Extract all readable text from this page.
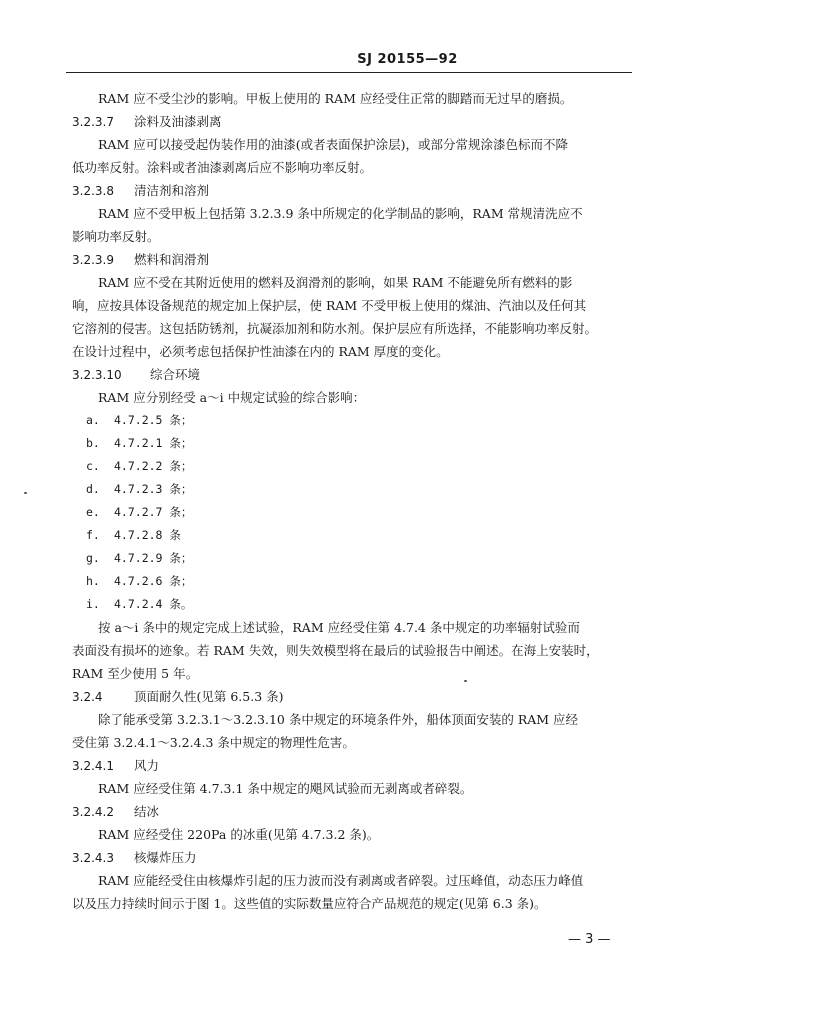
SJ 20155—92
RAM 应不受尘沙的影响。甲板上使用的 RAM 应经受住正常的脚踏而无过早的磨损。
3.2.3.7 涂料及油漆剥离
RAM 应可以接受起伪装作用的油漆(或者表面保护涂层)，或部分常规涂漆色标而不降
低功率反射。涂料或者油漆剥离后应不影响功率反射。
3.2.3.8 清洁剂和溶剂
RAM 应不受甲板上包括第 3.2.3.9 条中所规定的化学制品的影响，RAM 常规清洗应不
影响功率反射。
3.2.3.9 燃料和润滑剂
RAM 应不受在其附近使用的燃料及润滑剂的影响，如果 RAM 不能避免所有燃料的影
响，应按具体设备规范的规定加上保护层，使 RAM 不受甲板上使用的煤油、汽油以及任何其
它溶剂的侵害。这包括防锈剂，抗凝添加剂和防水剂。保护层应有所选择，不能影响功率反射。
在设计过程中，必须考虑包括保护性油漆在内的 RAM 厚度的变化。
3.2.3.10 综合环境
RAM 应分别经受 a～i 中规定试验的综合影响：
a. 4.7.2.5 条；
b. 4.7.2.1 条；
c. 4.7.2.2 条；
d. 4.7.2.3 条；
e. 4.7.2.7 条；
f. 4.7.2.8 条
g. 4.7.2.9 条；
h. 4.7.2.6 条；
i. 4.7.2.4 条。
按 a～i 条中的规定完成上述试验，RAM 应经受住第 4.7.4 条中规定的功率辐射试验而
表面没有损坏的迹象。若 RAM 失效，则失效模型将在最后的试验报告中阐述。在海上安装时，
RAM 至少使用 5 年。
3.2.4	顶面耐久性(见第 6.5.3 条)
除了能承受第 3.2.3.1～3.2.3.10 条中规定的环境条件外，船体顶面安装的 RAM 应经
受住第 3.2.4.1～3.2.4.3 条中规定的物理性危害。
3.2.4.1 风力
RAM 应经受住第 4.7.3.1 条中规定的飓风试验而无剥离或者碎裂。
3.2.4.2 结冰
RAM 应经受住 220Pa 的冰重(见第 4.7.3.2 条)。
3.2.4.3 核爆炸压力
RAM 应能经受住由核爆炸引起的压力波而没有剥离或者碎裂。过压峰值，动态压力峰值
以及压力持续时间示于图 1。这些值的实际数量应符合产品规范的规定(见第 6.3 条)。
— 3 —
